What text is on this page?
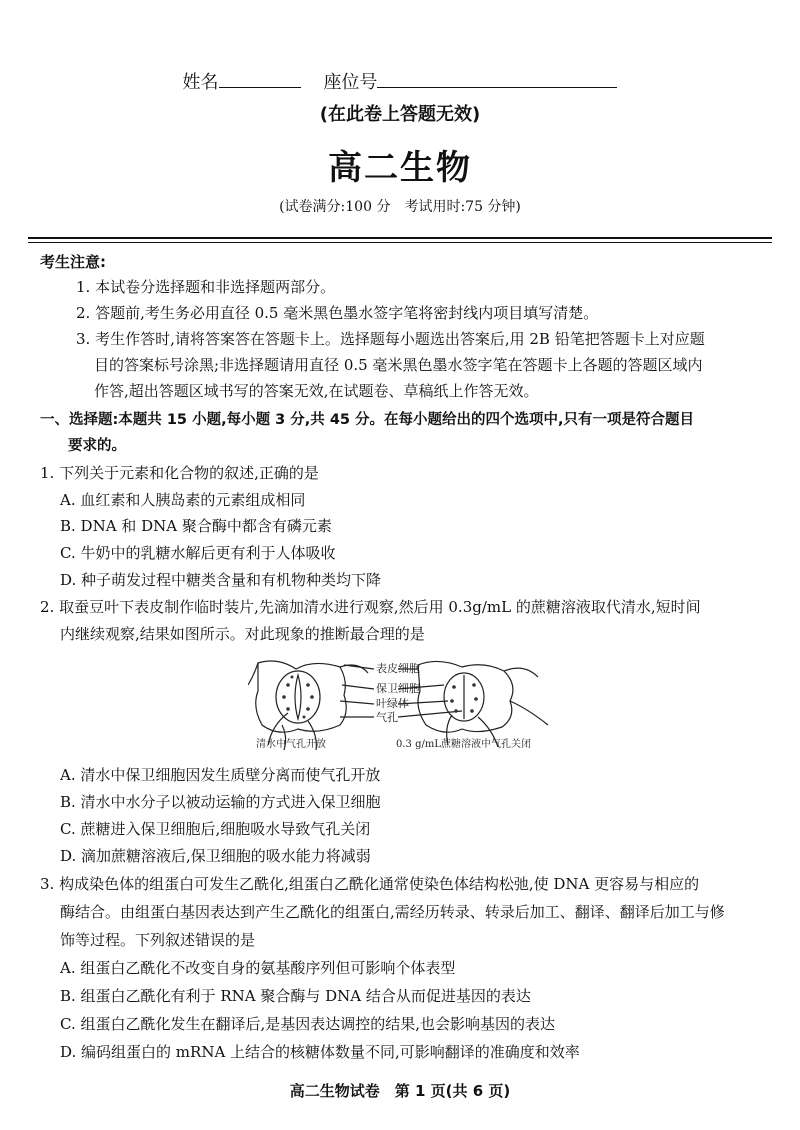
姓名	座位号
(在此卷上答题无效)
高二生物
(试卷满分:100 分　考试用时:75 分钟)
考生注意:
1. 本试卷分选择题和非选择题两部分。
2. 答题前,考生务必用直径 0.5 毫米黑色墨水签字笔将密封线内项目填写清楚。
3. 考生作答时,请将答案答在答题卡上。选择题每小题选出答案后,用 2B 铅笔把答题卡上对应题
目的答案标号涂黑;非选择题请用直径 0.5 毫米黑色墨水签字笔在答题卡上各题的答题区域内
作答,超出答题区域书写的答案无效,在试题卷、草稿纸上作答无效。
一、选择题:本题共 15 小题,每小题 3 分,共 45 分。在每小题给出的四个选项中,只有一项是符合题目
要求的。
1. 下列关于元素和化合物的叙述,正确的是
A. 血红素和人胰岛素的元素组成相同
B. DNA 和 DNA 聚合酶中都含有磷元素
C. 牛奶中的乳糖水解后更有利于人体吸收
D. 种子萌发过程中糖类含量和有机物种类均下降
2. 取蚕豆叶下表皮制作临时装片,先滴加清水进行观察,然后用 0.3g/mL 的蔗糖溶液取代清水,短时间
内继续观察,结果如图所示。对此现象的推断最合理的是
表皮细胞
保卫细胞
叶绿体
气孔
清水中气孔开放	0.3 g/mL蔗糖溶液中气孔关闭
A. 清水中保卫细胞因发生质壁分离而使气孔开放
B. 清水中水分子以被动运输的方式进入保卫细胞
C. 蔗糖进入保卫细胞后,细胞吸水导致气孔关闭
D. 滴加蔗糖溶液后,保卫细胞的吸水能力将减弱
3. 构成染色体的组蛋白可发生乙酰化,组蛋白乙酰化通常使染色体结构松弛,使 DNA 更容易与相应的
酶结合。由组蛋白基因表达到产生乙酰化的组蛋白,需经历转录、转录后加工、翻译、翻译后加工与修
饰等过程。下列叙述错误的是
A. 组蛋白乙酰化不改变自身的氨基酸序列但可影响个体表型
B. 组蛋白乙酰化有利于 RNA 聚合酶与 DNA 结合从而促进基因的表达
C. 组蛋白乙酰化发生在翻译后,是基因表达调控的结果,也会影响基因的表达
D. 编码组蛋白的 mRNA 上结合的核糖体数量不同,可影响翻译的准确度和效率
高二生物试卷　第 1 页(共 6 页)
